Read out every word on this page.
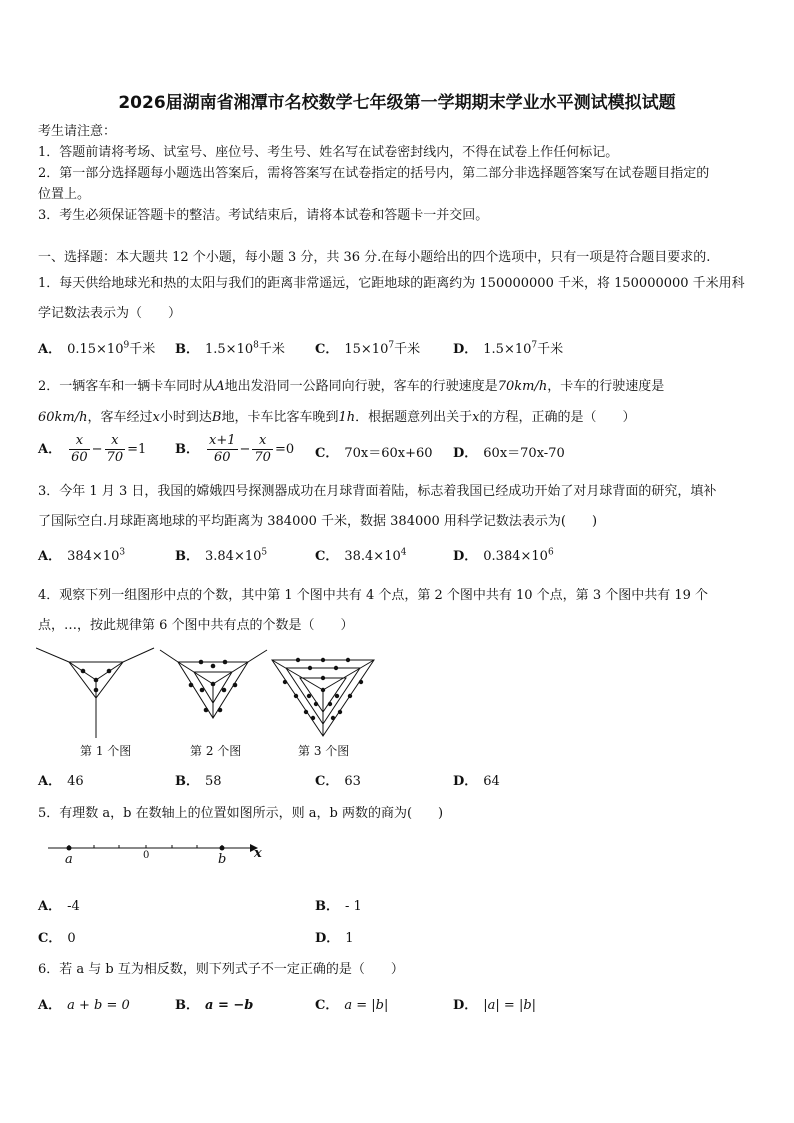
2026届湖南省湘潭市名校数学七年级第一学期期末学业水平测试模拟试题
考生请注意：
1．答题前请将考场、试室号、座位号、考生号、姓名写在试卷密封线内，不得在试卷上作任何标记。
2．第一部分选择题每小题选出答案后，需将答案写在试卷指定的括号内，第二部分非选择题答案写在试卷题目指定的
位置上。
3．考生必须保证答题卡的整洁。考试结束后，请将本试卷和答题卡一并交回。
一、选择题：本大题共 12 个小题，每小题 3 分，共 36 分.在每小题给出的四个选项中，只有一项是符合题目要求的.
1．每天供给地球光和热的太阳与我们的距离非常遥远，它距地球的距离约为 150000000 千米，将 150000000 千米用科
学记数法表示为（　　）
A． $0.15\times 10^9$千米 B． $1.5\times 10^8$千米 C． $15\times 10^7$千米	D． $1.5\times 10^7$千米
2．一辆客车和一辆卡车同时从A地出发沿同一公路同向行驶，客车的行驶速度是70km/h，卡车的行驶速度是
60km/h，客车经过x小时到达B地，卡车比客车晚到1h．根据题意列出关于x的方程，正确的是（　　）
A． $\frac{x}{60} - \frac{x}{70} =1$ B． $\frac{x+1}{60} - \frac{x}{70} =0$ C． 70x＝60x+60 D． 60x＝70x-70
3．今年 1 月 3 日，我国的嫦娥四号探测器成功在月球背面着陆，标志着我国已经成功开始了对月球背面的研究，填补
了国际空白.月球距离地球的平均距离为 384000 千米，数据 384000 用科学记数法表示为(　　)
A． $384\times 10^3$	B． $3.84\times 10^5$	C． $38.4\times 10^4$	D． $0.384\times 10^6$
4．观察下列一组图形中点的个数，其中第 1 个图中共有 4 个点，第 2 个图中共有 10 个点，第 3 个图中共有 19 个
点，…，按此规律第 6 个图中共有点的个数是（　　）
第 1 个图	第 2 个图	第 3 个图
A． 46	B． 58	C． 63	D． 64
5．有理数 a，b 在数轴上的位置如图所示，则 a，b 两数的商为(　　)
a	0	b x
A． -4	B． - 1
C． 0	D． 1
6．若 a 与 b 互为相反数，则下列式子不一定正确的是（　　）
A． a + b = 0	B． a = −b	C． a = |b|	D． |a| = |b|
